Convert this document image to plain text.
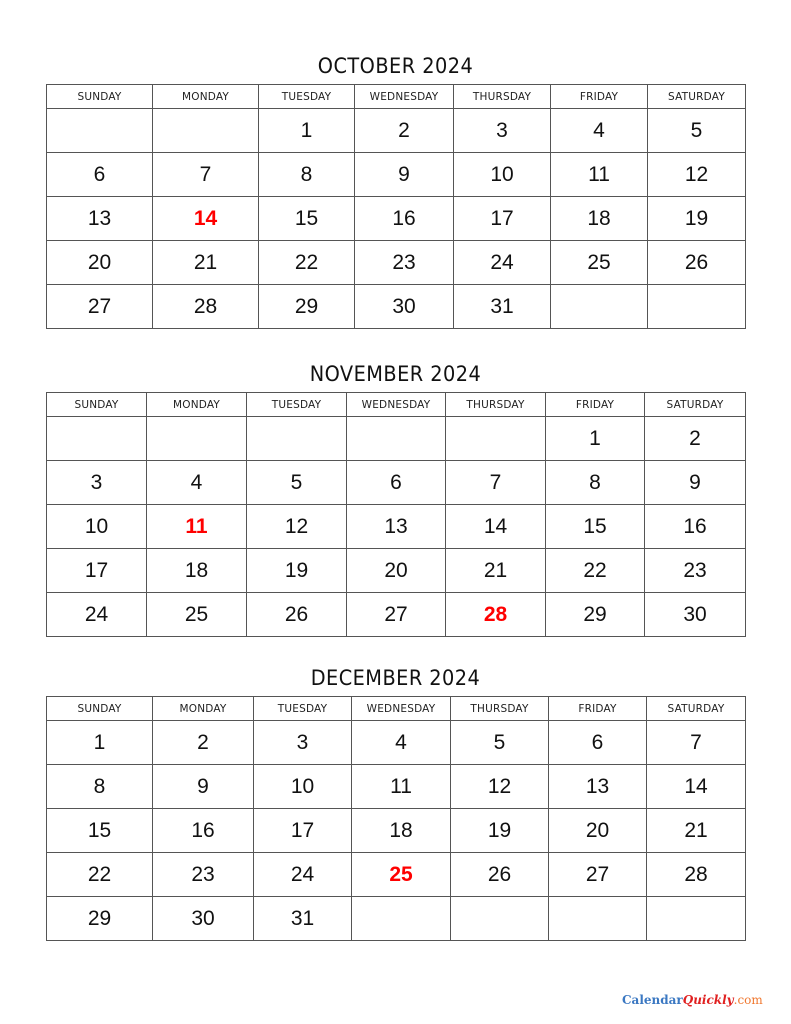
OCTOBER 2024
SUNDAY	MONDAY	TUESDAY	WEDNESDAY	THURSDAY	FRIDAY	SATURDAY
		1	2	3	4	5
6	7	8	9	10	11	12
13	14	15	16	17	18	19
20	21	22	23	24	25	26
27	28	29	30	31		
NOVEMBER 2024
SUNDAY	MONDAY	TUESDAY	WEDNESDAY	THURSDAY	FRIDAY	SATURDAY
					1	2
3	4	5	6	7	8	9
10	11	12	13	14	15	16
17	18	19	20	21	22	23
24	25	26	27	28	29	30
DECEMBER 2024
SUNDAY	MONDAY	TUESDAY	WEDNESDAY	THURSDAY	FRIDAY	SATURDAY
1	2	3	4	5	6	7
8	9	10	11	12	13	14
15	16	17	18	19	20	21
22	23	24	25	26	27	28
29	30	31				
CalendarQuickly.com
